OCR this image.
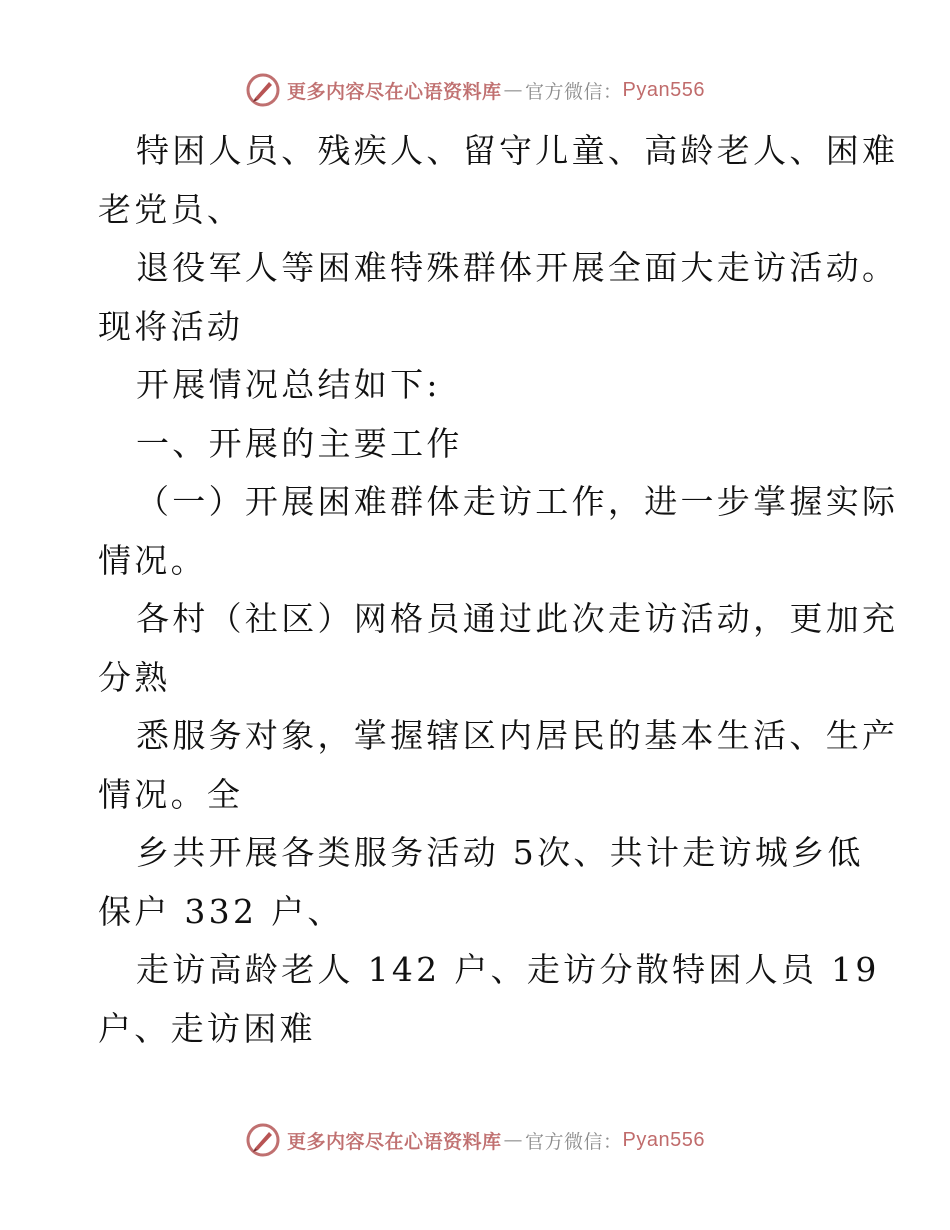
更多内容尽在心语资料库 — 官方微信： Pyan556
特困人员、残疾人、留守儿童、高龄老人、困难
老党员、
退役军人等困难特殊群体开展全面大走访活动。
现将活动
开展情况总结如下:
一、开展的主要工作
（一）开展困难群体走访工作，进一步掌握实际
情况。
各村（社区）网格员通过此次走访活动，更加充
分熟
悉服务对象，掌握辖区内居民的基本生活、生产
情况。全
乡共开展各类服务活动 5次、共计走访城乡低
保户 332 户、
走访高龄老人 142 户、走访分散特困人员 19
户、走访困难
更多内容尽在心语资料库 — 官方微信： Pyan556
